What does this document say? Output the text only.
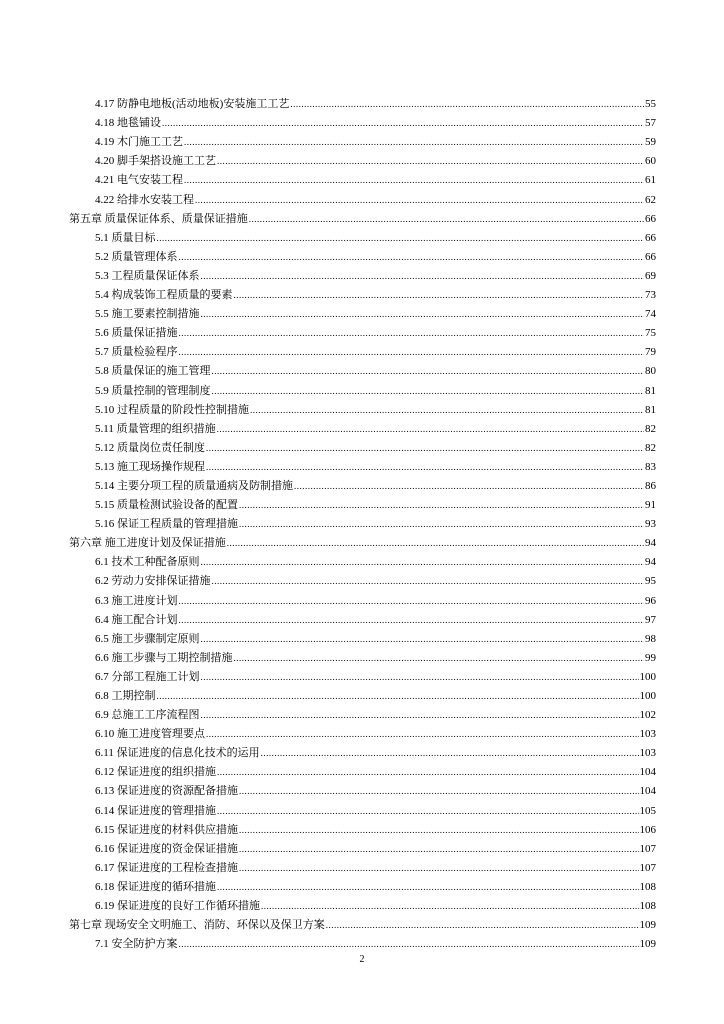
4.17 防静电地板(活动地板)安装施工工艺 .....	55
4.18 地毯铺设 .....	57
4.19 木门施工工艺 .....	59
4.20 脚手架搭设施工工艺 .....	60
4.21 电气安装工程 .....	61
4.22 给排水安装工程 .....	62
第五章 质量保证体系、质量保证措施 .....	66
5.1 质量目标 .....	66
5.2 质量管理体系 .....	66
5.3 工程质量保证体系 .....	69
5.4 构成装饰工程质量的要素 .....	73
5.5 施工要素控制措施 .....	74
5.6 质量保证措施 .....	75
5.7 质量检验程序 .....	79
5.8 质量保证的施工管理 .....	80
5.9 质量控制的管理制度 .....	81
5.10 过程质量的阶段性控制措施 .....	81
5.11 质量管理的组织措施 .....	82
5.12 质量岗位责任制度 .....	82
5.13 施工现场操作规程 .....	83
5.14 主要分项工程的质量通病及防制措施 .....	86
5.15 质量检测试验设备的配置 .....	91
5.16 保证工程质量的管理措施 .....	93
第六章 施工进度计划及保证措施 .....	94
6.1 技术工种配备原则 .....	94
6.2 劳动力安排保证措施 .....	95
6.3 施工进度计划 .....	96
6.4 施工配合计划 .....	97
6.5 施工步骤制定原则 .....	98
6.6 施工步骤与工期控制措施 .....	99
6.7 分部工程施工计划 .....	100
6.8 工期控制 .....	100
6.9 总施工工序流程图 .....	102
6.10 施工进度管理要点 .....	103
6.11 保证进度的信息化技术的运用 .....	103
6.12 保证进度的组织措施 .....	104
6.13 保证进度的资源配备措施 .....	104
6.14 保证进度的管理措施 .....	105
6.15 保证进度的材料供应措施 .....	106
6.16 保证进度的资金保证措施 .....	107
6.17 保证进度的工程检查措施 .....	107
6.18 保证进度的循环措施 .....	108
6.19 保证进度的良好工作循环措施 .....	108
第七章 现场安全文明施工、消防、环保以及保卫方案 .....	109
7.1 安全防护方案 .....	109
2
